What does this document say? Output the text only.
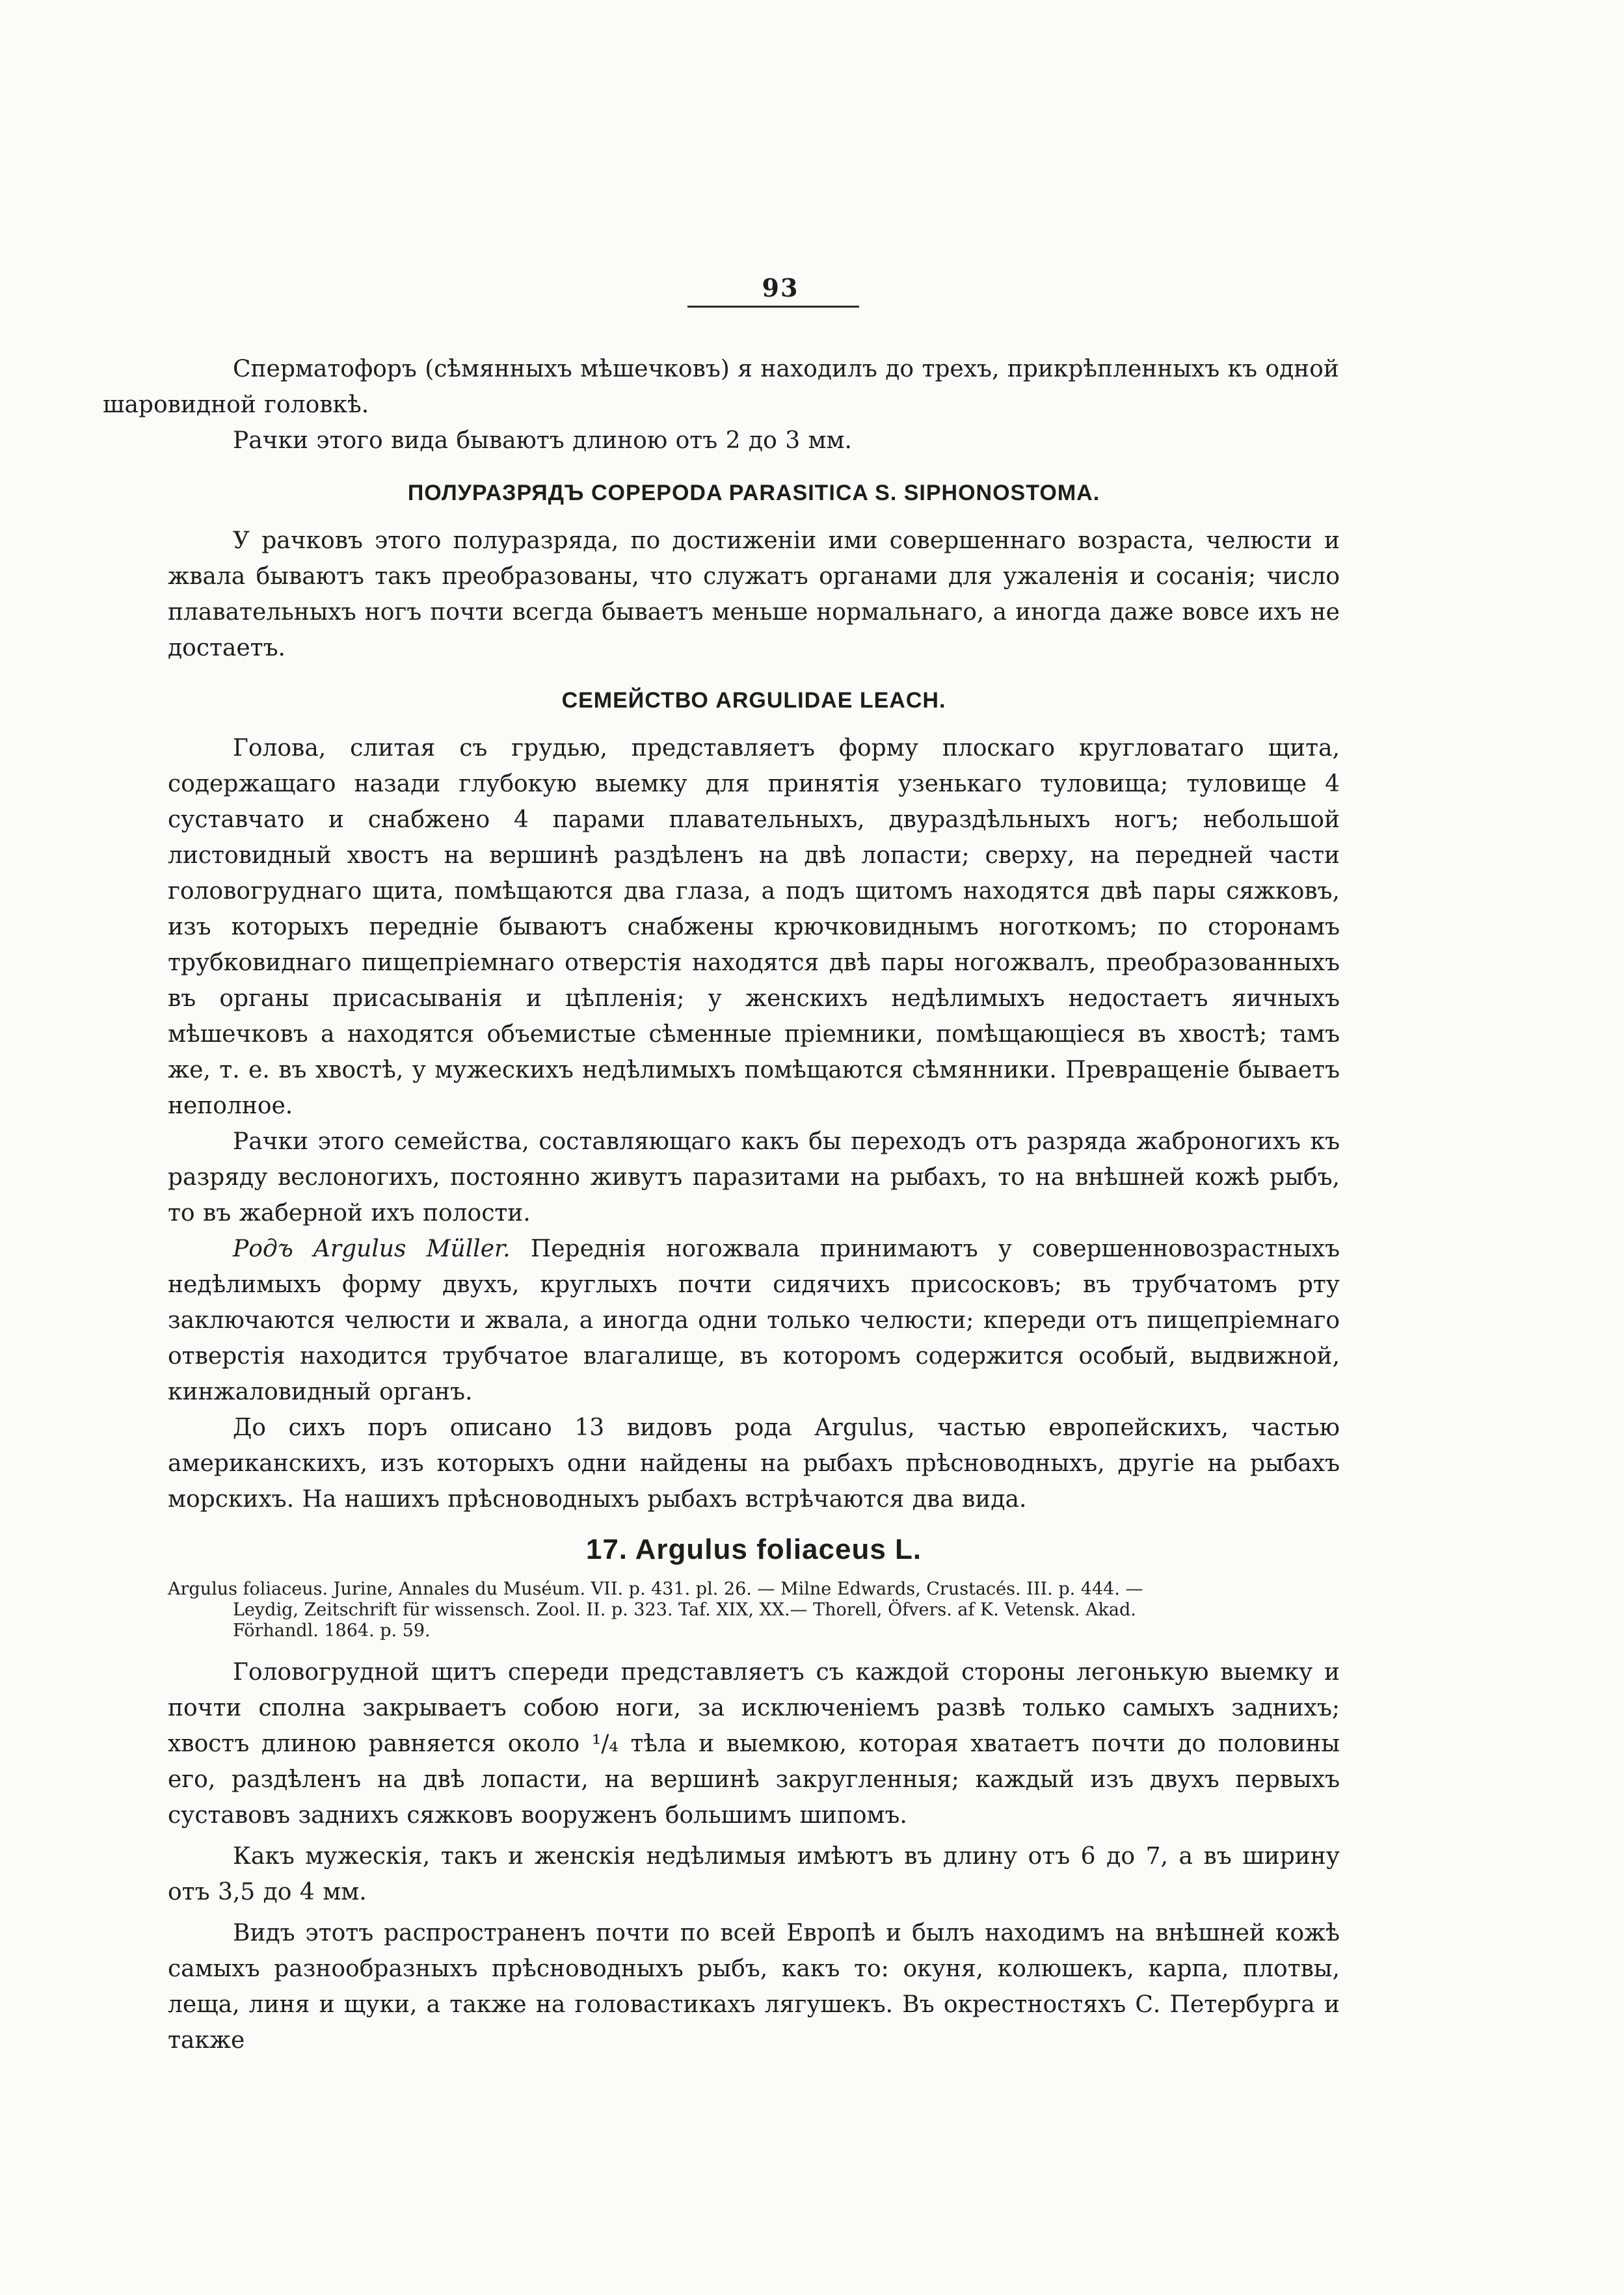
93

Сперматофоръ (сѣмянныхъ мѣшечковъ) я находилъ до трехъ, прикрѣпленныхъ къ одной
шаровидной головкѣ.

Рачки этого вида бываютъ длиною отъ 2 до 3 мм.

ПОЛУРАЗРЯДЪ COPEPODA PARASITICA S. SIPHONOSTOMA.

У рачковъ этого полуразряда, по достиженіи ими совершеннаго возраста, челюсти и жвала бываютъ такъ преобразованы, что служатъ органами для ужаленія и сосанія; число плавательныхъ ногъ почти всегда бываетъ меньше нормальнаго, а иногда даже вовсе ихъ не достаетъ.

СЕМЕЙСТВО ARGULIDAE LEACH.

Голова, слитая съ грудью, представляетъ форму плоскаго кругловатаго щита, содержащаго назади глубокую выемку для принятія узенькаго туловища; туловище 4 суставчато и снабжено 4 парами плавательныхъ, двураздѣльныхъ ногъ; небольшой листовидный хвостъ на вершинѣ раздѣленъ на двѣ лопасти; сверху, на передней части головогруднаго щита, помѣщаются два глаза, а подъ щитомъ находятся двѣ пары сяжковъ, изъ которыхъ передніе бываютъ снабжены крючковиднымъ ноготкомъ; по сторонамъ трубковиднаго пищепріемнаго отверстія находятся двѣ пары ногожвалъ, преобразованныхъ въ органы присасыванія и цѣпленія; у женскихъ недѣлимыхъ недостаетъ яичныхъ мѣшечковъ а находятся объемистые сѣменные пріемники, помѣщающіеся въ хвостѣ; тамъ же, т. е. въ хвостѣ, у мужескихъ недѣлимыхъ помѣщаются сѣмянники. Превращеніе бываетъ неполное.

Рачки этого семейства, составляющаго какъ бы переходъ отъ разряда жаброногихъ къ разряду веслоногихъ, постоянно живутъ паразитами на рыбахъ, то на внѣшней кожѣ рыбъ, то въ жаберной ихъ полости.

Родъ Argulus Müller. Переднія ногожвала принимаютъ у совершенновозрастныхъ недѣлимыхъ форму двухъ, круглыхъ почти сидячихъ присосковъ; въ трубчатомъ рту заключаются челюсти и жвала, а иногда одни только челюсти; кпереди отъ пищепріемнаго отверстія находится трубчатое влагалище, въ которомъ содержится особый, выдвижной, кинжаловидный органъ.

До сихъ поръ описано 13 видовъ рода Argulus, частью европейскихъ, частью американскихъ, изъ которыхъ одни найдены на рыбахъ прѣсноводныхъ, другіе на рыбахъ морскихъ. На нашихъ прѣсноводныхъ рыбахъ встрѣчаются два вида.

17. Argulus foliaceus L.
Argulus foliaceus. Jurine, Annales du Muséum. VII. p. 431. pl. 26. — Milne Edwards, Crustacés. III. p. 444. —
Leydig, Zeitschrift für wissensch. Zool. II. p. 323. Taf. XIX, XX.— Thorell, Öfvers. af K. Vetensk. Akad.
Förhandl. 1864. p. 59.

Головогрудной щитъ спереди представляетъ съ каждой стороны легонькую выемку и почти сполна закрываетъ собою ноги, за исключеніемъ развѣ только самыхъ заднихъ; хвостъ длиною равняется около ¹/₄ тѣла и выемкою, которая хватаетъ почти до половины его, раздѣленъ на двѣ лопасти, на вершинѣ закругленныя; каждый изъ двухъ первыхъ суставовъ заднихъ сяжковъ вооруженъ большимъ шипомъ.

Какъ мужескія, такъ и женскія недѣлимыя имѣютъ въ длину отъ 6 до 7, а въ ширину отъ 3,5 до 4 мм.

Видъ этотъ распространенъ почти по всей Европѣ и былъ находимъ на внѣшней кожѣ самыхъ разнообразныхъ прѣсноводныхъ рыбъ, какъ то: окуня, колюшекъ, карпа, плотвы, леща, линя и щуки, а также на головастикахъ лягушекъ. Въ окрестностяхъ С. Петербурга и также
